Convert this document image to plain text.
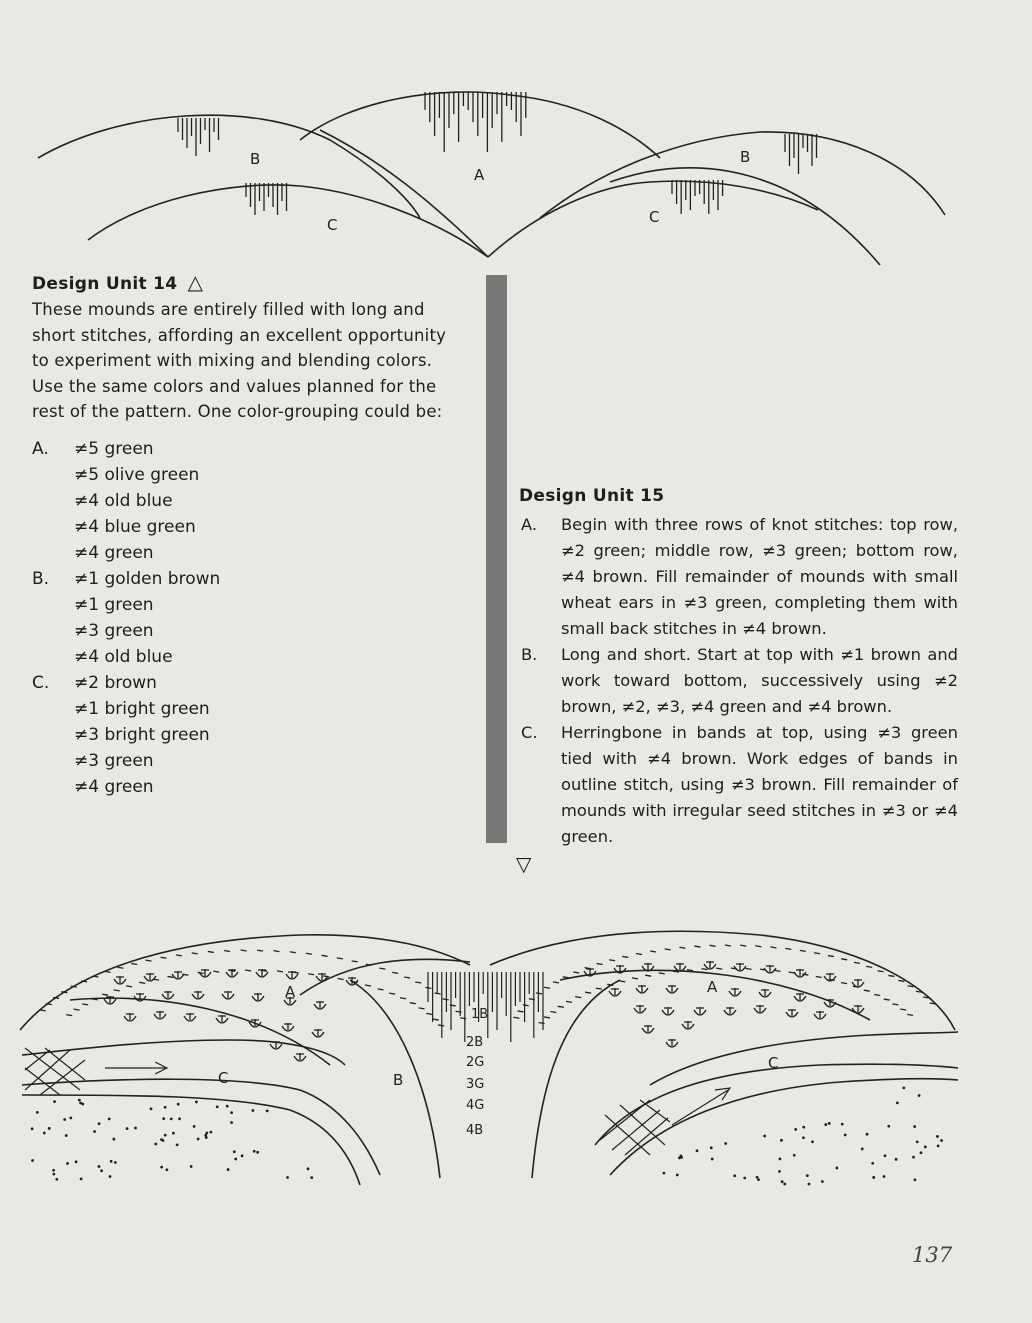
B
A
B
C	C
Design Unit 14 △
These mounds are entirely filled with long and
short stitches, affording an excellent opportunity
to experiment with mixing and blending colors.
Use the same colors and values planned for the
rest of the pattern. One color-grouping could be:
A. ≠5 green
≠5 olive green
≠4 old blue
≠4 blue green
≠4 green
B. ≠1 golden brown
≠1 green
≠3 green
≠4 old blue
C. ≠2 brown
≠1 bright green
≠3 bright green
≠3 green
≠4 green
Design Unit 15
A. Begin with three rows of knot stitches: top row, ≠2 green; middle row, ≠3 green; bottom row, ≠4 brown. Fill remainder of mounds with small wheat ears in ≠3 green, completing them with small back stitches in ≠4 brown.
B. Long and short. Start at top with ≠1 brown and work toward bottom, successively using ≠2 brown, ≠2, ≠3, ≠4 green and ≠4 brown.
C. Herringbone in bands at top, using ≠3 green tied with ≠4 brown. Work edges of bands in outline stitch, using ≠3 brown. Fill remainder of mounds with irregular seed stitches in ≠3 or ≠4 green.
▽
A	A
B
C
C
1B
2B
2G
3G
4G
4B
137
